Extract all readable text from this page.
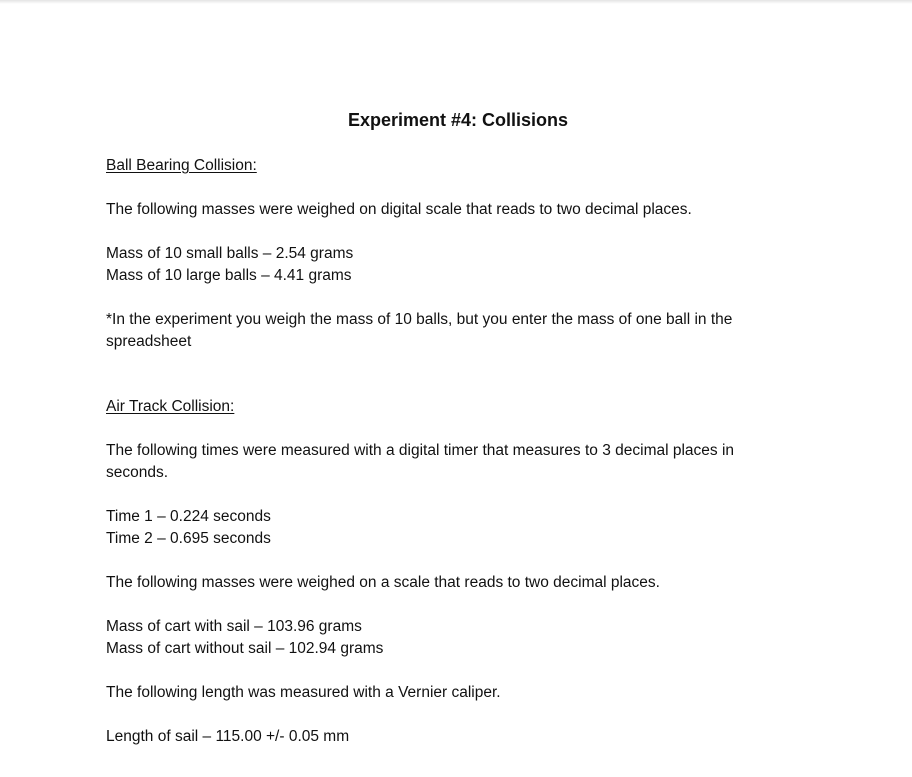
Experiment #4: Collisions
Ball Bearing Collision:
The following masses were weighed on digital scale that reads to two decimal places.
Mass of 10 small balls – 2.54 grams
Mass of 10 large balls – 4.41 grams
*In the experiment you weigh the mass of 10 balls, but you enter the mass of one ball in the spreadsheet
Air Track Collision:
The following times were measured with a digital timer that measures to 3 decimal places in seconds.
Time 1 – 0.224 seconds
Time 2 – 0.695 seconds
The following masses were weighed on a scale that reads to two decimal places.
Mass of cart with sail – 103.96 grams
Mass of cart without sail – 102.94 grams
The following length was measured with a Vernier caliper.
Length of sail – 115.00 +/- 0.05 mm
